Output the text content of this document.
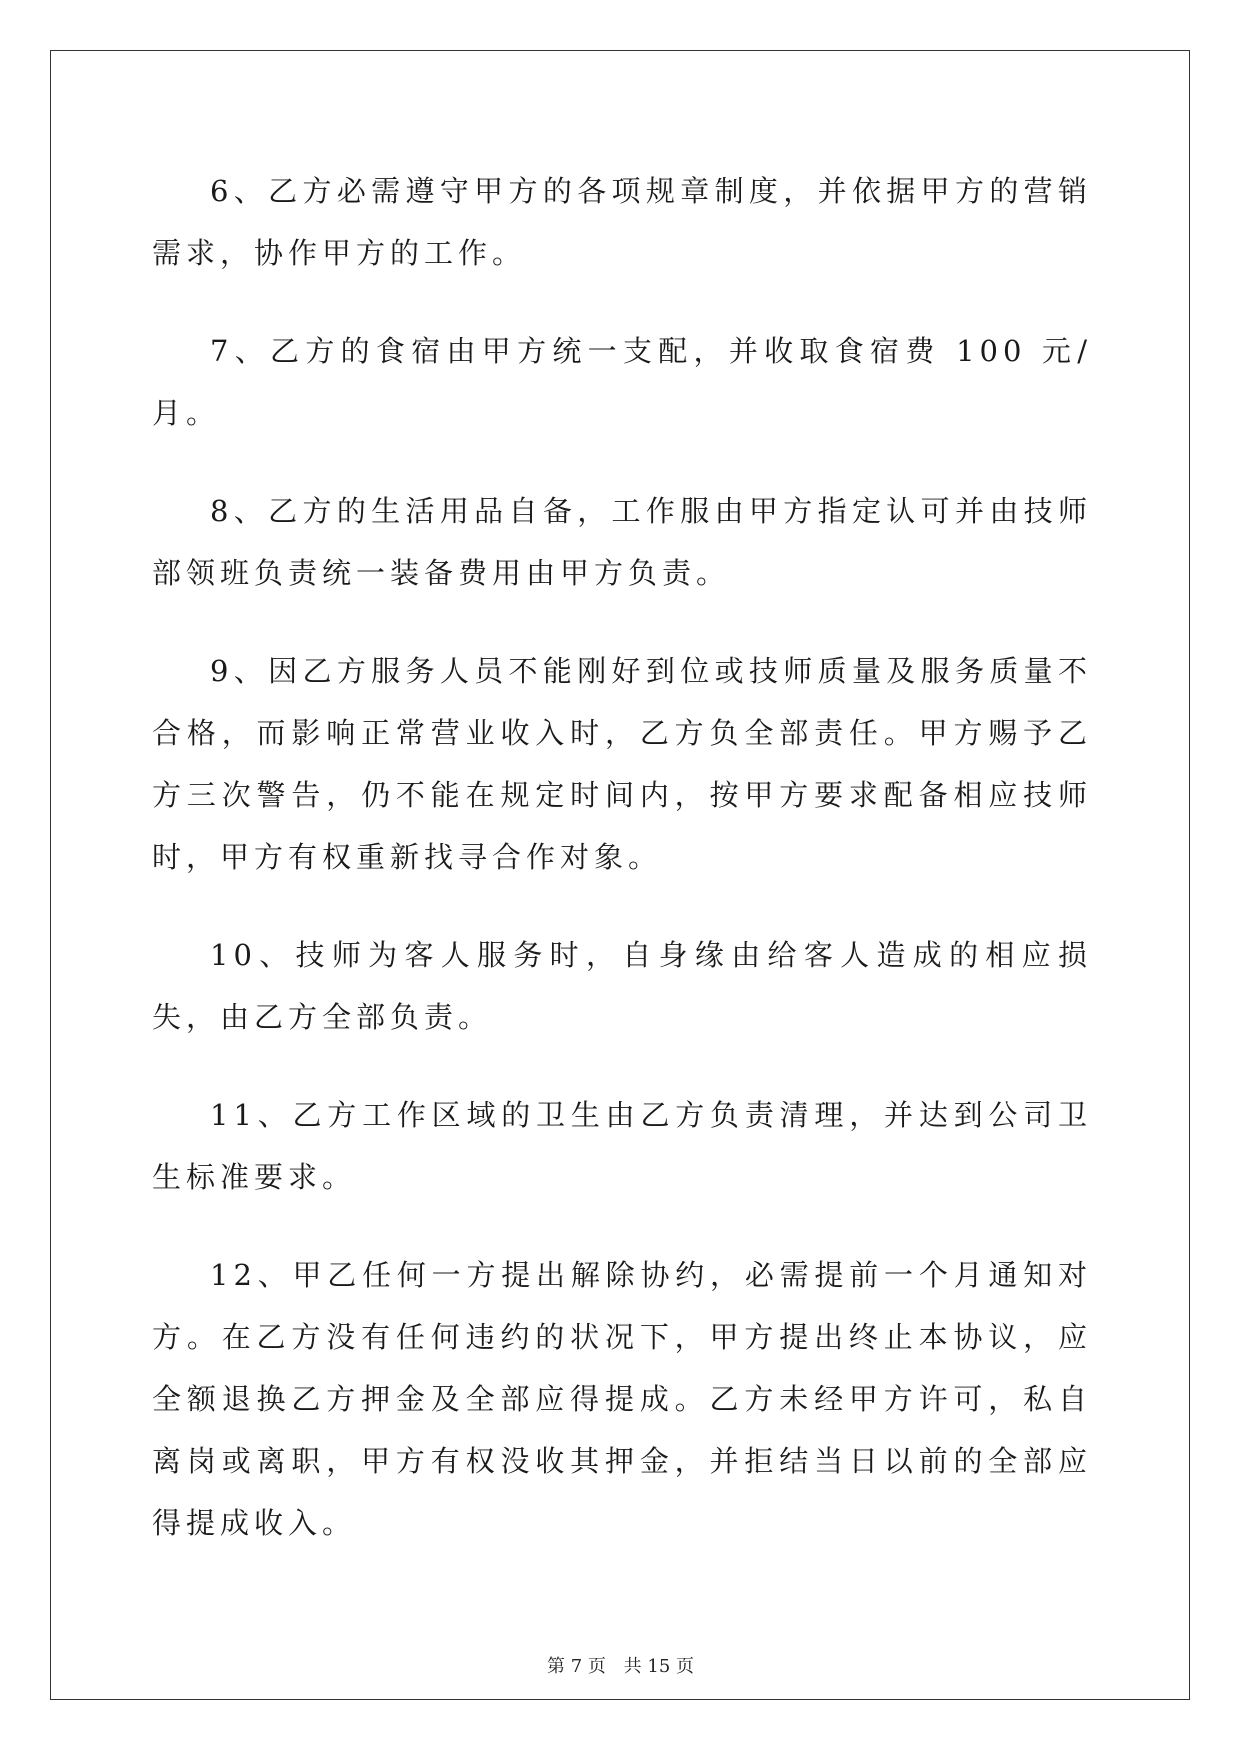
6、乙方必需遵守甲方的各项规章制度，并依据甲方的营销需求，协作甲方的工作。

7、乙方的食宿由甲方统一支配，并收取食宿费 100 元/月。

8、乙方的生活用品自备，工作服由甲方指定认可并由技师部领班负责统一装备费用由甲方负责。

9、因乙方服务人员不能刚好到位或技师质量及服务质量不合格，而影响正常营业收入时，乙方负全部责任。甲方赐予乙方三次警告，仍不能在规定时间内，按甲方要求配备相应技师时，甲方有权重新找寻合作对象。

10、技师为客人服务时，自身缘由给客人造成的相应损失，由乙方全部负责。

11、乙方工作区域的卫生由乙方负责清理，并达到公司卫生标准要求。

12、甲乙任何一方提出解除协约，必需提前一个月通知对方。在乙方没有任何违约的状况下，甲方提出终止本协议，应全额退换乙方押金及全部应得提成。乙方未经甲方许可，私自离岗或离职，甲方有权没收其押金，并拒结当日以前的全部应得提成收入。

第 7 页 共 15 页
